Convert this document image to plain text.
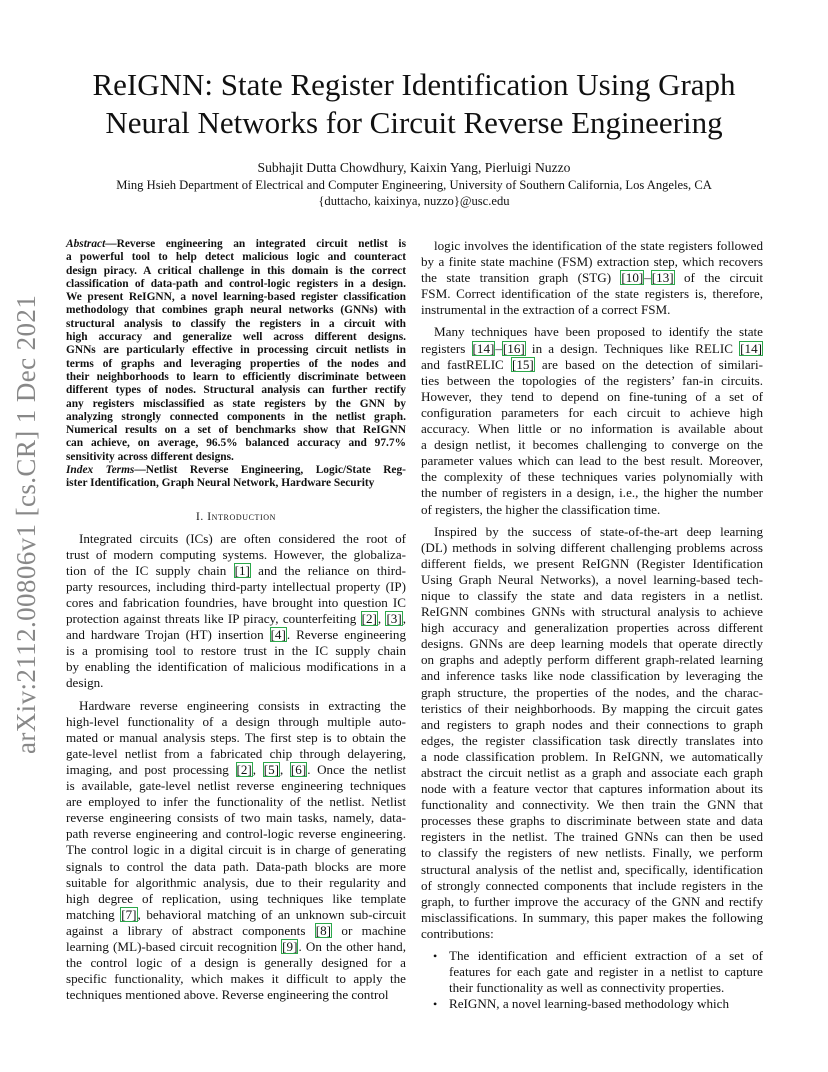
arXiv:2112.00806v1 [cs.CR] 1 Dec 2021
ReIGNN: State Register Identification Using Graph
Neural Networks for Circuit Reverse Engineering
Subhajit Dutta Chowdhury, Kaixin Yang, Pierluigi Nuzzo
Ming Hsieh Department of Electrical and Computer Engineering, University of Southern California, Los Angeles, CA
{duttacho, kaixinya, nuzzo}@usc.edu
Abstract—Reverse engineering an integrated circuit netlist is
a powerful tool to help detect malicious logic and counteract
design piracy. A critical challenge in this domain is the correct
classification of data-path and control-logic registers in a design.
We present ReIGNN, a novel learning-based register classification
methodology that combines graph neural networks (GNNs) with
structural analysis to classify the registers in a circuit with
high accuracy and generalize well across different designs.
GNNs are particularly effective in processing circuit netlists in
terms of graphs and leveraging properties of the nodes and
their neighborhoods to learn to efficiently discriminate between
different types of nodes. Structural analysis can further rectify
any registers misclassified as state registers by the GNN by
analyzing strongly connected components in the netlist graph.
Numerical results on a set of benchmarks show that ReIGNN
can achieve, on average, 96.5% balanced accuracy and 97.7%
sensitivity across different designs.
Index Terms—Netlist Reverse Engineering, Logic/State Reg-
ister Identification, Graph Neural Network, Hardware Security
I. Introduction
Integrated circuits (ICs) are often considered the root of
trust of modern computing systems. However, the globaliza-
tion of the IC supply chain [1] and the reliance on third-
party resources, including third-party intellectual property (IP)
cores and fabrication foundries, have brought into question IC
protection against threats like IP piracy, counterfeiting [2], [3],
and hardware Trojan (HT) insertion [4]. Reverse engineering
is a promising tool to restore trust in the IC supply chain
by enabling the identification of malicious modifications in a
design.
Hardware reverse engineering consists in extracting the
high-level functionality of a design through multiple auto-
mated or manual analysis steps. The first step is to obtain the
gate-level netlist from a fabricated chip through delayering,
imaging, and post processing [2], [5], [6]. Once the netlist
is available, gate-level netlist reverse engineering techniques
are employed to infer the functionality of the netlist. Netlist
reverse engineering consists of two main tasks, namely, data-
path reverse engineering and control-logic reverse engineering.
The control logic in a digital circuit is in charge of generating
signals to control the data path. Data-path blocks are more
suitable for algorithmic analysis, due to their regularity and
high degree of replication, using techniques like template
matching [7], behavioral matching of an unknown sub-circuit
against a library of abstract components [8] or machine
learning (ML)-based circuit recognition [9]. On the other hand,
the control logic of a design is generally designed for a
specific functionality, which makes it difficult to apply the
techniques mentioned above. Reverse engineering the control
logic involves the identification of the state registers followed
by a finite state machine (FSM) extraction step, which recovers
the state transition graph (STG) [10]–[13] of the circuit
FSM. Correct identification of the state registers is, therefore,
instrumental in the extraction of a correct FSM.
Many techniques have been proposed to identify the state
registers [14]–[16] in a design. Techniques like RELIC [14]
and fastRELIC [15] are based on the detection of similari-
ties between the topologies of the registers’ fan-in circuits.
However, they tend to depend on fine-tuning of a set of
configuration parameters for each circuit to achieve high
accuracy. When little or no information is available about
a design netlist, it becomes challenging to converge on the
parameter values which can lead to the best result. Moreover,
the complexity of these techniques varies polynomially with
the number of registers in a design, i.e., the higher the number
of registers, the higher the classification time.
Inspired by the success of state-of-the-art deep learning
(DL) methods in solving different challenging problems across
different fields, we present ReIGNN (Register Identification
Using Graph Neural Networks), a novel learning-based tech-
nique to classify the state and data registers in a netlist.
ReIGNN combines GNNs with structural analysis to achieve
high accuracy and generalization properties across different
designs. GNNs are deep learning models that operate directly
on graphs and adeptly perform different graph-related learning
and inference tasks like node classification by leveraging the
graph structure, the properties of the nodes, and the charac-
teristics of their neighborhoods. By mapping the circuit gates
and registers to graph nodes and their connections to graph
edges, the register classification task directly translates into
a node classification problem. In ReIGNN, we automatically
abstract the circuit netlist as a graph and associate each graph
node with a feature vector that captures information about its
functionality and connectivity. We then train the GNN that
processes these graphs to discriminate between state and data
registers in the netlist. The trained GNNs can then be used
to classify the registers of new netlists. Finally, we perform
structural analysis of the netlist and, specifically, identification
of strongly connected components that include registers in the
graph, to further improve the accuracy of the GNN and rectify
misclassifications. In summary, this paper makes the following
contributions:
• The identification and efficient extraction of a set of
features for each gate and register in a netlist to capture
their functionality as well as connectivity properties.
• ReIGNN, a novel learning-based methodology which
